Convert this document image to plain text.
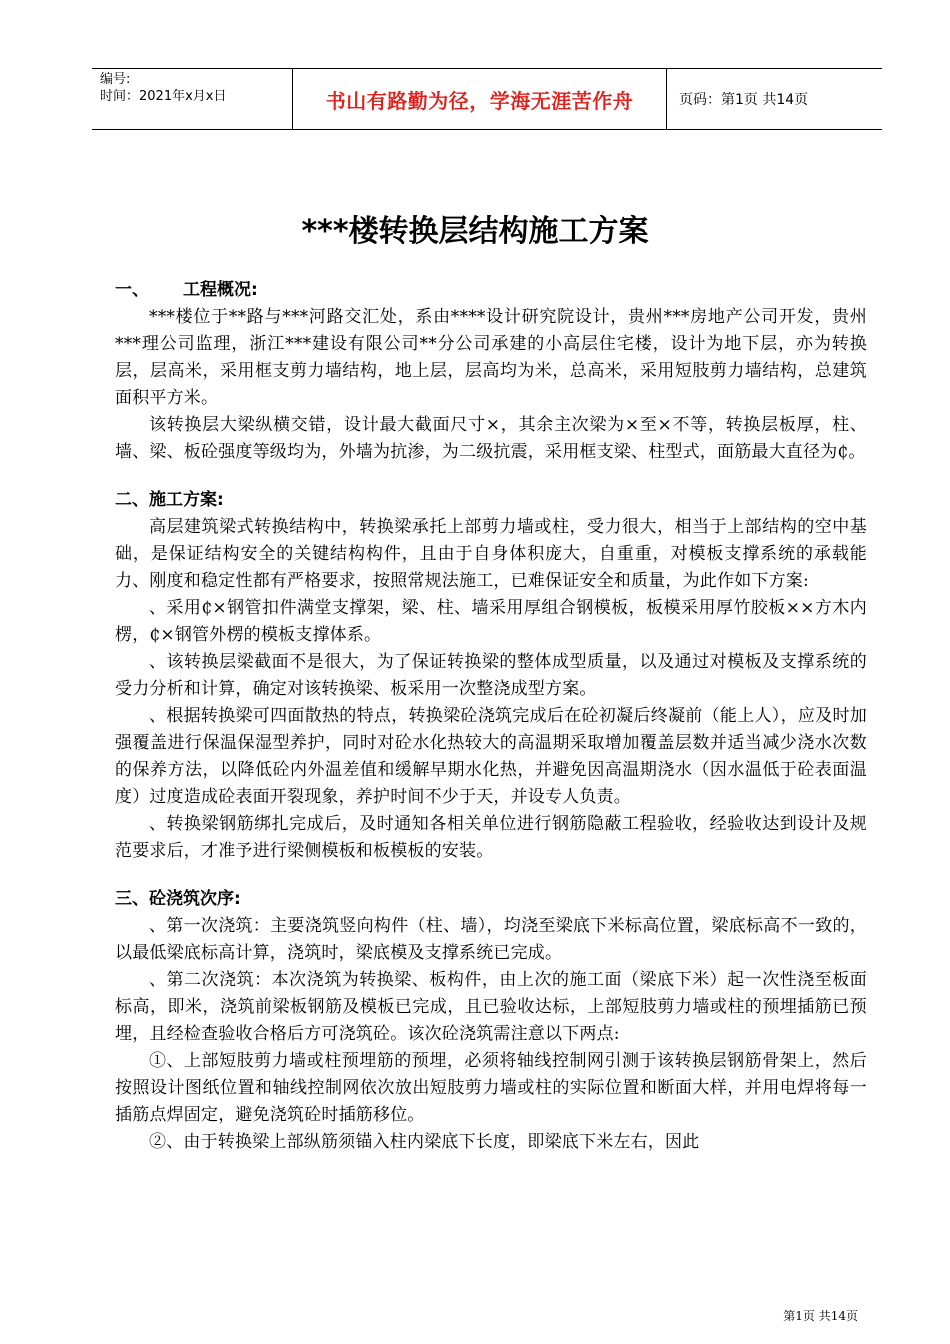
编号:
时间：2021年x月x日	书山有路勤为径，学海无涯苦作舟	页码：第1页 共14页
***楼转换层结构施工方案

一、 工程概况:

***楼位于**路与***河路交汇处，系由****设计研究院设计，贵州***房地产公司开发，贵州***理公司监理，浙江***建设有限公司**分公司承建的小高层住宅楼，设计为地下层，亦为转换层，层高米，采用框支剪力墙结构，地上层，层高均为米，总高米，采用短肢剪力墙结构，总建筑面积平方米。

该转换层大梁纵横交错，设计最大截面尺寸×，其余主次梁为×至×不等，转换层板厚，柱、墙、梁、板砼强度等级均为，外墙为抗渗，为二级抗震，采用框支梁、柱型式，面筋最大直径为₵。

二、施工方案:

高层建筑梁式转换结构中，转换梁承托上部剪力墙或柱，受力很大，相当于上部结构的空中基础，是保证结构安全的关键结构构件，且由于自身体积庞大，自重重，对模板支撑系统的承载能力、刚度和稳定性都有严格要求，按照常规法施工，已难保证安全和质量，为此作如下方案:

、采用₵×钢管扣件满堂支撑架，梁、柱、墙采用厚组合钢模板，板模采用厚竹胶板××方木内楞，₵×钢管外楞的模板支撑体系。

、该转换层梁截面不是很大，为了保证转换梁的整体成型质量，以及通过对模板及支撑系统的受力分析和计算，确定对该转换梁、板采用一次整浇成型方案。

、根据转换梁可四面散热的特点，转换梁砼浇筑完成后在砼初凝后终凝前（能上人），应及时加强覆盖进行保温保湿型养护，同时对砼水化热较大的高温期采取增加覆盖层数并适当减少浇水次数的保养方法，以降低砼内外温差值和缓解早期水化热，并避免因高温期浇水（因水温低于砼表面温度）过度造成砼表面开裂现象，养护时间不少于天，并设专人负责。

、转换梁钢筋绑扎完成后，及时通知各相关单位进行钢筋隐蔽工程验收，经验收达到设计及规范要求后，才准予进行梁侧模板和板模板的安装。

三、砼浇筑次序:

、第一次浇筑：主要浇筑竖向构件（柱、墙），均浇至梁底下米标高位置，梁底标高不一致的，以最低梁底标高计算，浇筑时，梁底模及支撑系统已完成。

、第二次浇筑：本次浇筑为转换梁、板构件，由上次的施工面（梁底下米）起一次性浇至板面标高，即米，浇筑前梁板钢筋及模板已完成，且已验收达标，上部短肢剪力墙或柱的预埋插筋已预埋，且经检查验收合格后方可浇筑砼。该次砼浇筑需注意以下两点:

①、上部短肢剪力墙或柱预埋筋的预埋，必须将轴线控制网引测于该转换层钢筋骨架上，然后按照设计图纸位置和轴线控制网依次放出短肢剪力墙或柱的实际位置和断面大样，并用电焊将每一插筋点焊固定，避免浇筑砼时插筋移位。

②、由于转换梁上部纵筋须锚入柱内梁底下长度，即梁底下米左右，因此

第1页 共14页
